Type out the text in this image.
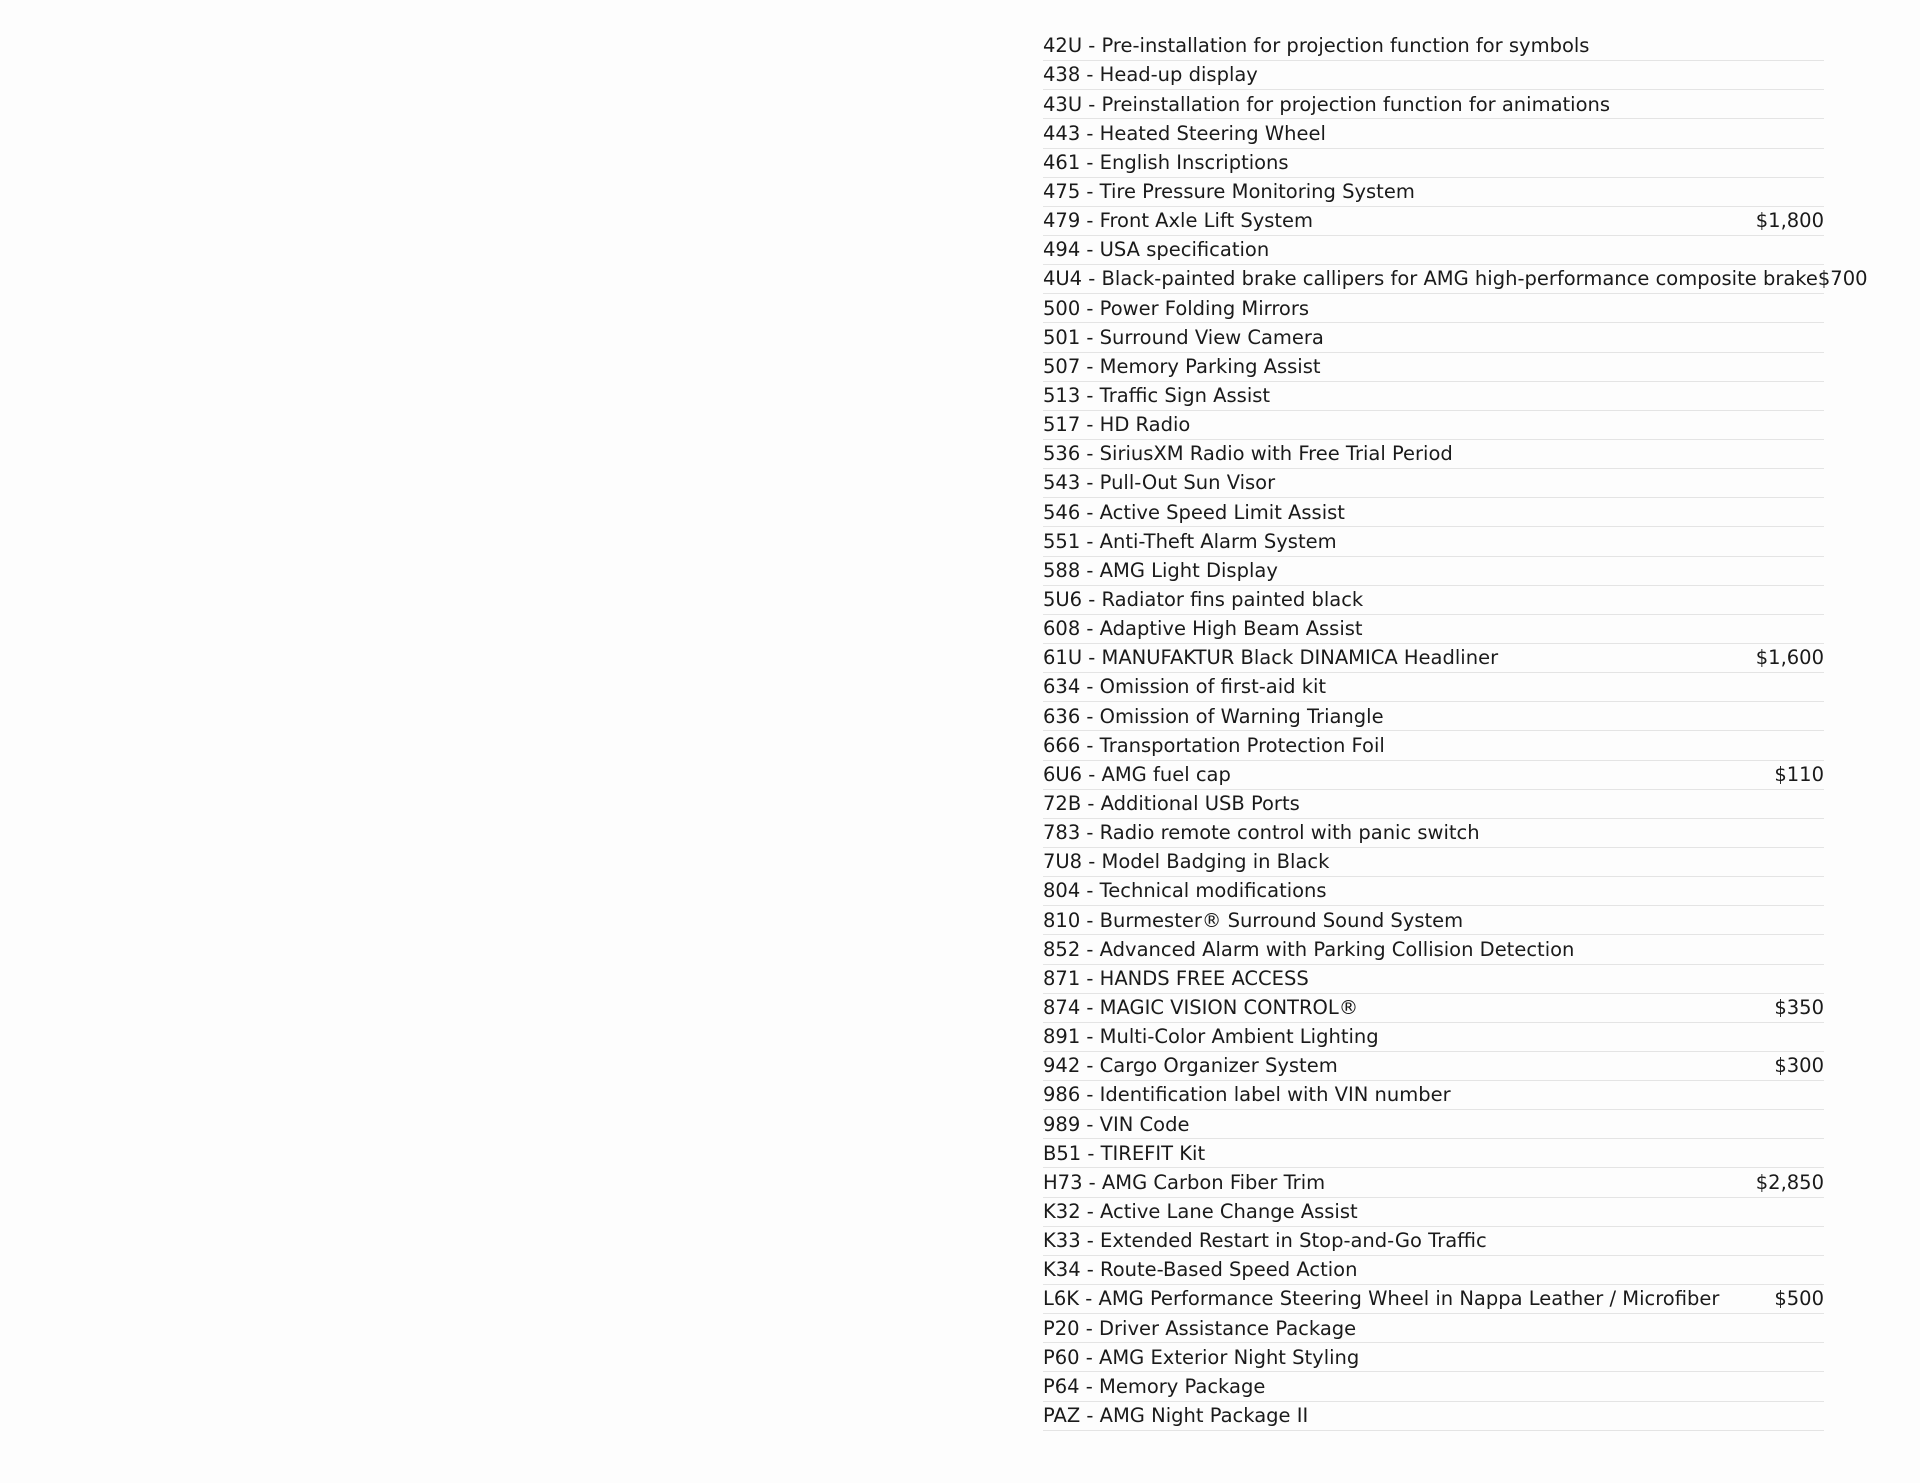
42U - Pre-installation for projection function for symbols
438 - Head-up display
43U - Preinstallation for projection function for animations
443 - Heated Steering Wheel
461 - English Inscriptions
475 - Tire Pressure Monitoring System
479 - Front Axle Lift System	$1,800
494 - USA specification
4U4 - Black-painted brake callipers for AMG high-performance composite brake $700
500 - Power Folding Mirrors
501 - Surround View Camera
507 - Memory Parking Assist
513 - Traffic Sign Assist
517 - HD Radio
536 - SiriusXM Radio with Free Trial Period
543 - Pull-Out Sun Visor
546 - Active Speed Limit Assist
551 - Anti-Theft Alarm System
588 - AMG Light Display
5U6 - Radiator fins painted black
608 - Adaptive High Beam Assist
61U - MANUFAKTUR Black DINAMICA Headliner	$1,600
634 - Omission of first-aid kit
636 - Omission of Warning Triangle
666 - Transportation Protection Foil
6U6 - AMG fuel cap	$110
72B - Additional USB Ports
783 - Radio remote control with panic switch
7U8 - Model Badging in Black
804 - Technical modifications
810 - Burmester® Surround Sound System
852 - Advanced Alarm with Parking Collision Detection
871 - HANDS FREE ACCESS
874 - MAGIC VISION CONTROL®	$350
891 - Multi-Color Ambient Lighting
942 - Cargo Organizer System	$300
986 - Identification label with VIN number
989 - VIN Code
B51 - TIREFIT Kit
H73 - AMG Carbon Fiber Trim	$2,850
K32 - Active Lane Change Assist
K33 - Extended Restart in Stop-and-Go Traffic
K34 - Route-Based Speed Action
L6K - AMG Performance Steering Wheel in Nappa Leather / Microfiber	$500
P20 - Driver Assistance Package
P60 - AMG Exterior Night Styling
P64 - Memory Package
PAZ - AMG Night Package II
